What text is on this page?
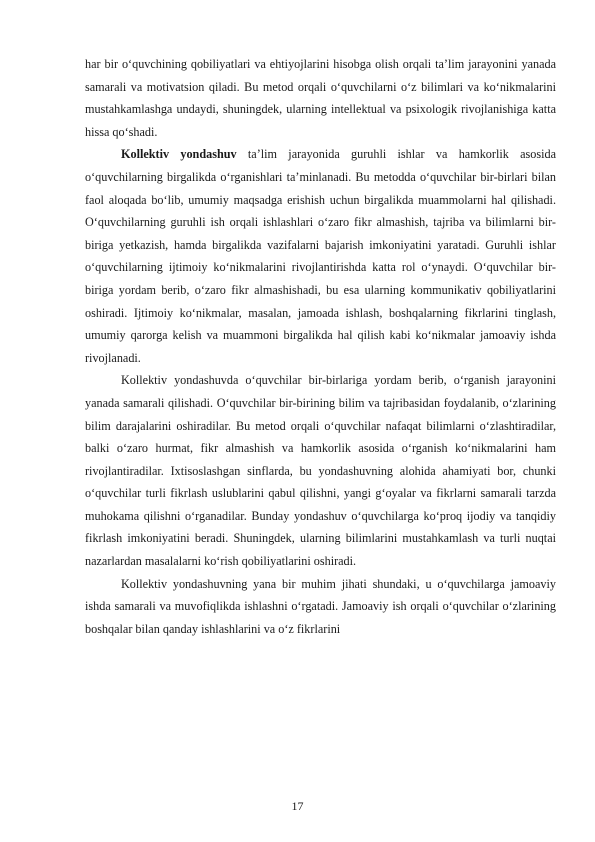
har bir o‘quvchining qobiliyatlari va ehtiyojlarini hisobga olish orqali ta’lim jarayonini yanada samarali va motivatsion qiladi. Bu metod orqali o‘quvchilarni o‘z bilimlari va ko‘nikmalarini mustahkamlashga undaydi, shuningdek, ularning intellektual va psixologik rivojlanishiga katta hissa qo‘shadi.

Kollektiv yondashuv ta’lim jarayonida guruhli ishlar va hamkorlik asosida o‘quvchilarning birgalikda o‘rganishlari ta’minlanadi. Bu metodda o‘quvchilar bir-birlari bilan faol aloqada bo‘lib, umumiy maqsadga erishish uchun birgalikda muammolarni hal qilishadi. O‘quvchilarning guruhli ish orqali ishlashlari o‘zaro fikr almashish, tajriba va bilimlarni bir-biriga yetkazish, hamda birgalikda vazifalarni bajarish imkoniyatini yaratadi. Guruhli ishlar o‘quvchilarning ijtimoiy ko‘nikmalarini rivojlantirishda katta rol o‘ynaydi. O‘quvchilar bir-biriga yordam berib, o‘zaro fikr almashishadi, bu esa ularning kommunikativ qobiliyatlarini oshiradi. Ijtimoiy ko‘nikmalar, masalan, jamoada ishlash, boshqalarning fikrlarini tinglash, umumiy qarorga kelish va muammoni birgalikda hal qilish kabi ko‘nikmalar jamoaviy ishda rivojlanadi.

Kollektiv yondashuvda o‘quvchilar bir-birlariga yordam berib, o‘rganish jarayonini yanada samarali qilishadi. O‘quvchilar bir-birining bilim va tajribasidan foydalanib, o‘zlarining bilim darajalarini oshiradilar. Bu metod orqali o‘quvchilar nafaqat bilimlarni o‘zlashtiradilar, balki o‘zaro hurmat, fikr almashish va hamkorlik asosida o‘rganish ko‘nikmalarini ham rivojlantiradilar. Ixtisoslashgan sinflarda, bu yondashuvning alohida ahamiyati bor, chunki o‘quvchilar turli fikrlash uslublarini qabul qilishni, yangi g‘oyalar va fikrlarni samarali tarzda muhokama qilishni o‘rganadilar. Bunday yondashuv o‘quvchilarga ko‘proq ijodiy va tanqidiy fikrlash imkoniyatini beradi. Shuningdek, ularning bilimlarini mustahkamlash va turli nuqtai nazarlardan masalalarni ko‘rish qobiliyatlarini oshiradi.

Kollektiv yondashuvning yana bir muhim jihati shundaki, u o‘quvchilarga jamoaviy ishda samarali va muvofiqlikda ishlashni o‘rgatadi. Jamoaviy ish orqali o‘quvchilar o‘zlarining boshqalar bilan qanday ishlashlarini va o‘z fikrlarini

17
